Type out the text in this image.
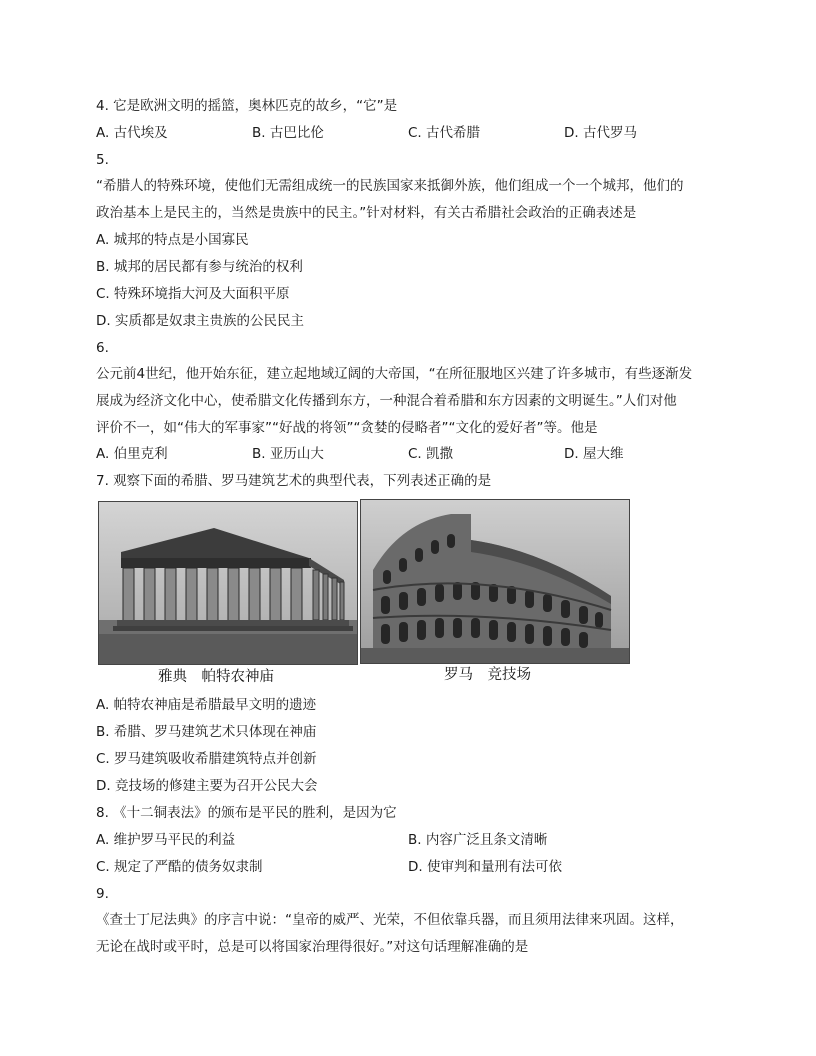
4. 它是欧洲文明的摇篮，奥林匹克的故乡，“它”是
A. 古代埃及	B. 古巴比伦	C. 古代希腊	D. 古代罗马
5.
“希腊人的特殊环境，使他们无需组成统一的民族国家来抵御外族，他们组成一个一个城邦，他们的
政治基本上是民主的，当然是贵族中的民主。”针对材料，有关古希腊社会政治的正确表述是
A. 城邦的特点是小国寡民
B. 城邦的居民都有参与统治的权利
C. 特殊环境指大河及大面积平原
D. 实质都是奴隶主贵族的公民民主
6.
公元前4世纪，他开始东征，建立起地域辽阔的大帝国，“在所征服地区兴建了许多城市，有些逐渐发
展成为经济文化中心，使希腊文化传播到东方，一种混合着希腊和东方因素的文明诞生。”人们对他
评价不一，如“伟大的军事家”“好战的将领”“贪婪的侵略者”“文化的爱好者”等。他是
A. 伯里克利	B. 亚历山大	C. 凯撒	D. 屋大维
7. 观察下面的希腊、罗马建筑艺术的典型代表，下列表述正确的是
雅典　帕特农神庙	罗马　竞技场
A. 帕特农神庙是希腊最早文明的遗迹
B. 希腊、罗马建筑艺术只体现在神庙
C. 罗马建筑吸收希腊建筑特点并创新
D. 竞技场的修建主要为召开公民大会
8. 《十二铜表法》的颁布是平民的胜利，是因为它
A. 维护罗马平民的利益	B. 内容广泛且条文清晰
C. 规定了严酷的债务奴隶制	D. 使审判和量刑有法可依
9.
《查士丁尼法典》的序言中说：“皇帝的威严、光荣，不但依靠兵器，而且须用法律来巩固。这样，
无论在战时或平时，总是可以将国家治理得很好。”对这句话理解准确的是
